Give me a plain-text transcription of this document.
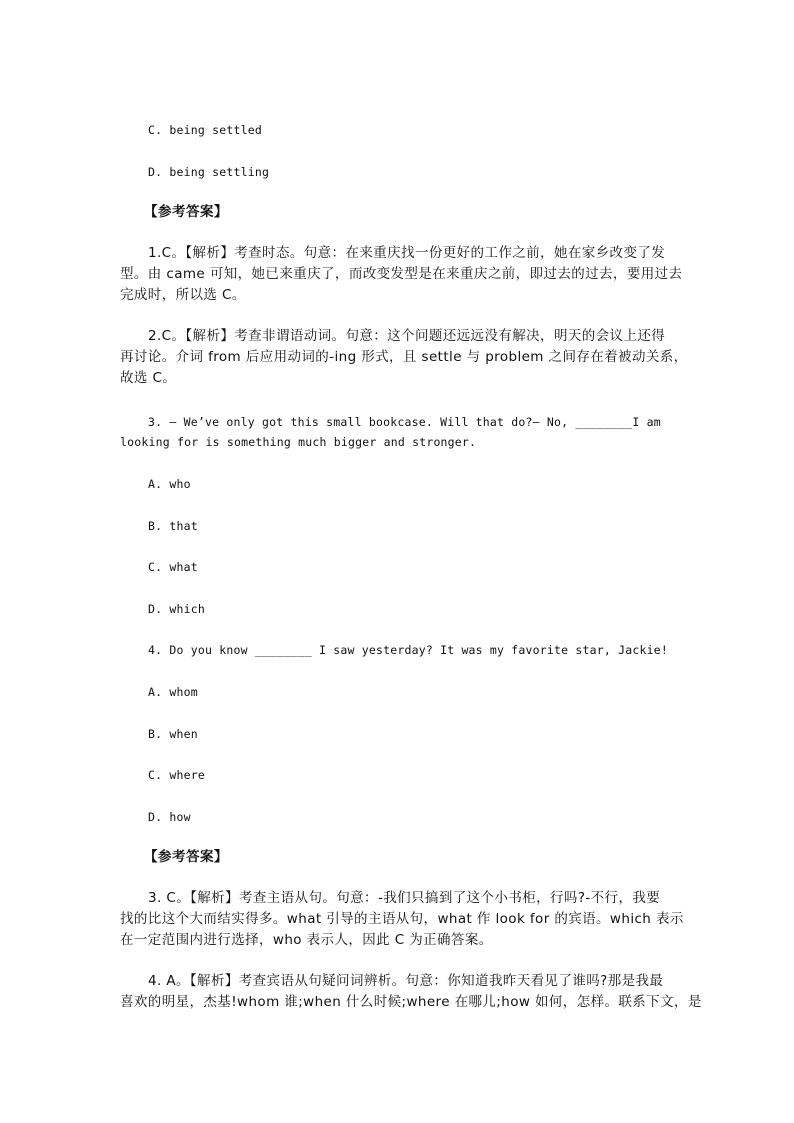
C. being settled
D. being settling
【参考答案】
1.C。【解析】考查时态。句意：在来重庆找一份更好的工作之前，她在家乡改变了发
型。由 came 可知，她已来重庆了，而改变发型是在来重庆之前，即过去的过去，要用过去
完成时，所以选 C。
2.C。【解析】考查非谓语动词。句意：这个问题还远远没有解决，明天的会议上还得
再讨论。介词 from 后应用动词的-ing 形式，且 settle 与 problem 之间存在着被动关系，
故选 C。
3. — We’ve only got this small bookcase. Will that do?— No, ________I am
looking for is something much bigger and stronger.
A. who
B. that
C. what
D. which
4. Do you know ________ I saw yesterday? It was my favorite star, Jackie!
A. whom
B. when
C. where
D. how
【参考答案】
3. C。【解析】考查主语从句。句意：-我们只搞到了这个小书柜，行吗?-不行，我要
找的比这个大而结实得多。what 引导的主语从句，what 作 look for 的宾语。which 表示
在一定范围内进行选择，who 表示人，因此 C 为正确答案。
4. A。【解析】考查宾语从句疑问词辨析。句意：你知道我昨天看见了谁吗?那是我最
喜欢的明星，杰基!whom 谁;when 什么时候;where 在哪儿;how 如何，怎样。联系下文，是
